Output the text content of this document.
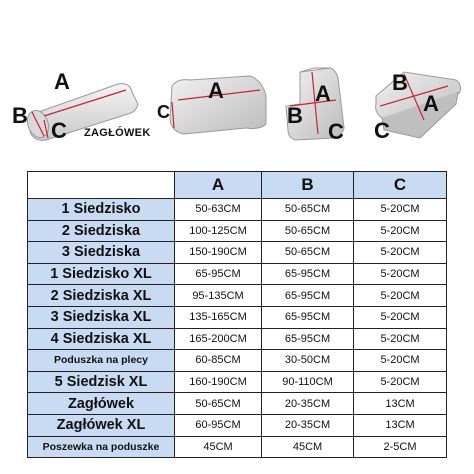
A
B
C ZAGŁÓWEK
A
C
A
B
C
B
A
C
	A	B	C
1 Siedzisko	50-63CM	50-65CM	5-20CM
2 Siedziska	100-125CM	50-65CM	5-20CM
3 Siedziska	150-190CM	50-65CM	5-20CM
1 Siedzisko XL	65-95CM	65-95CM	5-20CM
2 Siedziska XL	95-135CM	65-95CM	5-20CM
3 Siedziska XL	135-165CM	65-95CM	5-20CM
4 Siedziska XL	165-200CM	65-95CM	5-20CM
Poduszka na plecy	60-85CM	30-50CM	5-20CM
5 Siedzisk XL	160-190CM	90-110CM	5-20CM
Zagłówek	50-65CM	20-35CM	13CM
Zagłówek XL	60-95CM	20-35CM	13CM
Poszewka na poduszke	45CM	45CM	2-5CM
